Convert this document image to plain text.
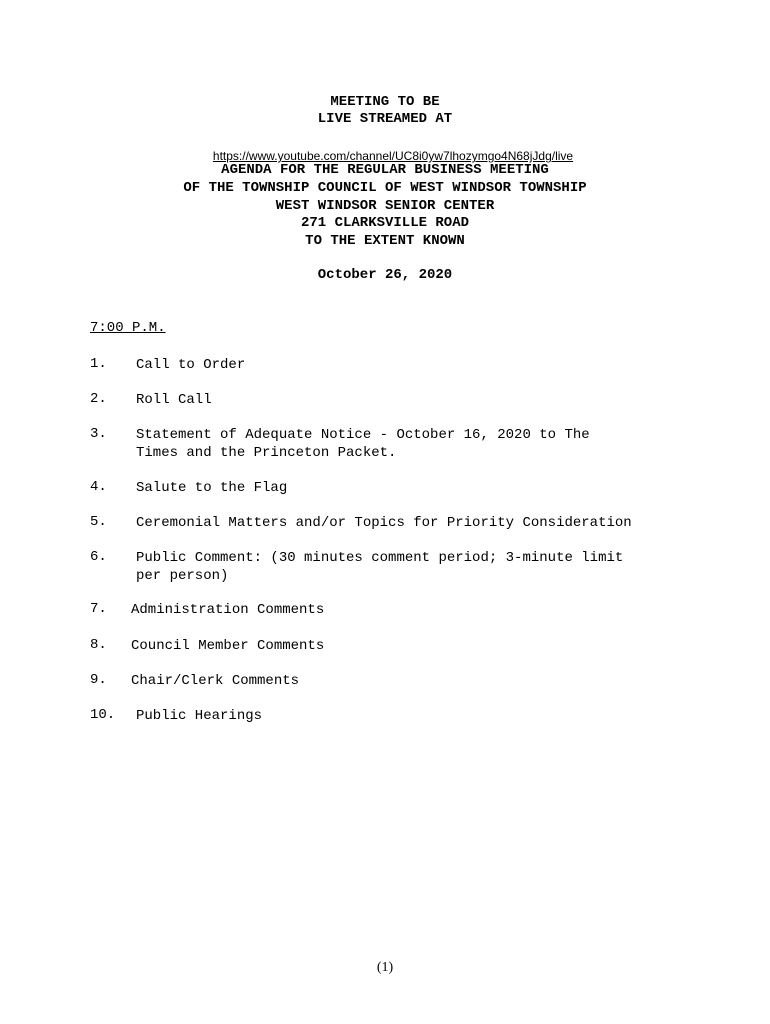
MEETING TO BE
LIVE STREAMED AT

https://www.youtube.com/channel/UC8i0yw7lhozymgo4N68jJdg/live

AGENDA FOR THE REGULAR BUSINESS MEETING
OF THE TOWNSHIP COUNCIL OF WEST WINDSOR TOWNSHIP
WEST WINDSOR SENIOR CENTER
271 CLARKSVILLE ROAD
TO THE EXTENT KNOWN
October 26, 2020
7:00 P.M.
1. Call to Order
2. Roll Call
3. Statement of Adequate Notice - October 16, 2020 to The
Times and the Princeton Packet.
4. Salute to the Flag
5. Ceremonial Matters and/or Topics for Priority Consideration
6. Public Comment: (30 minutes comment period; 3-minute limit
per person)
7. Administration Comments
8. Council Member Comments
9. Chair/Clerk Comments
10. Public Hearings
(1)
